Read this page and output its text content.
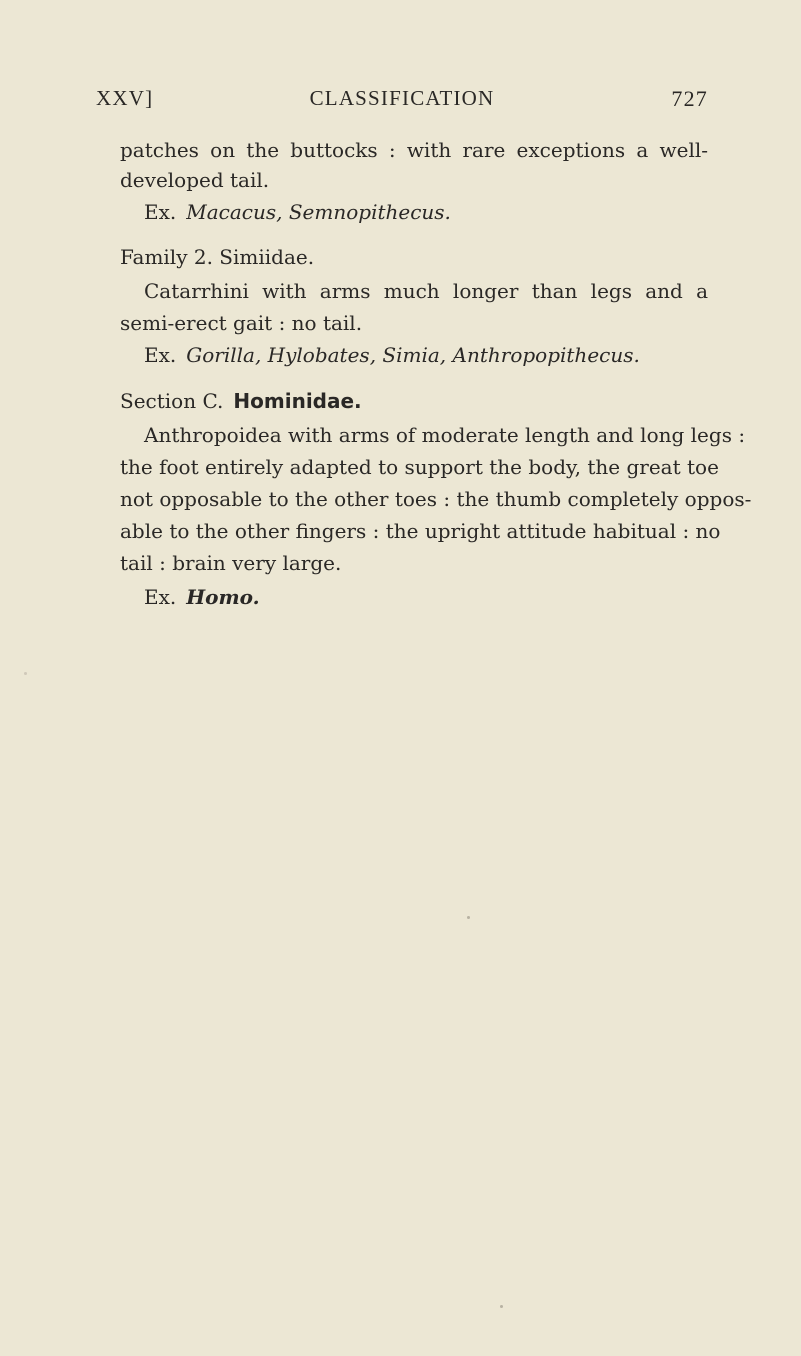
XXV]	CLASSIFICATION	727
patches on the buttocks : with rare exceptions a well-
developed tail.
Ex. Macacus, Semnopithecus.
Family 2. Simiidae.
Catarrhini with arms much longer than legs and a
semi-erect gait : no tail.
Ex. Gorilla, Hylobates, Simia, Anthropopithecus.
Section C. Hominidae.
Anthropoidea with arms of moderate length and long legs :
the foot entirely adapted to support the body, the great toe
not opposable to the other toes : the thumb completely oppos-
able to the other fingers : the upright attitude habitual : no
tail : brain very large.
Ex. Homo.
